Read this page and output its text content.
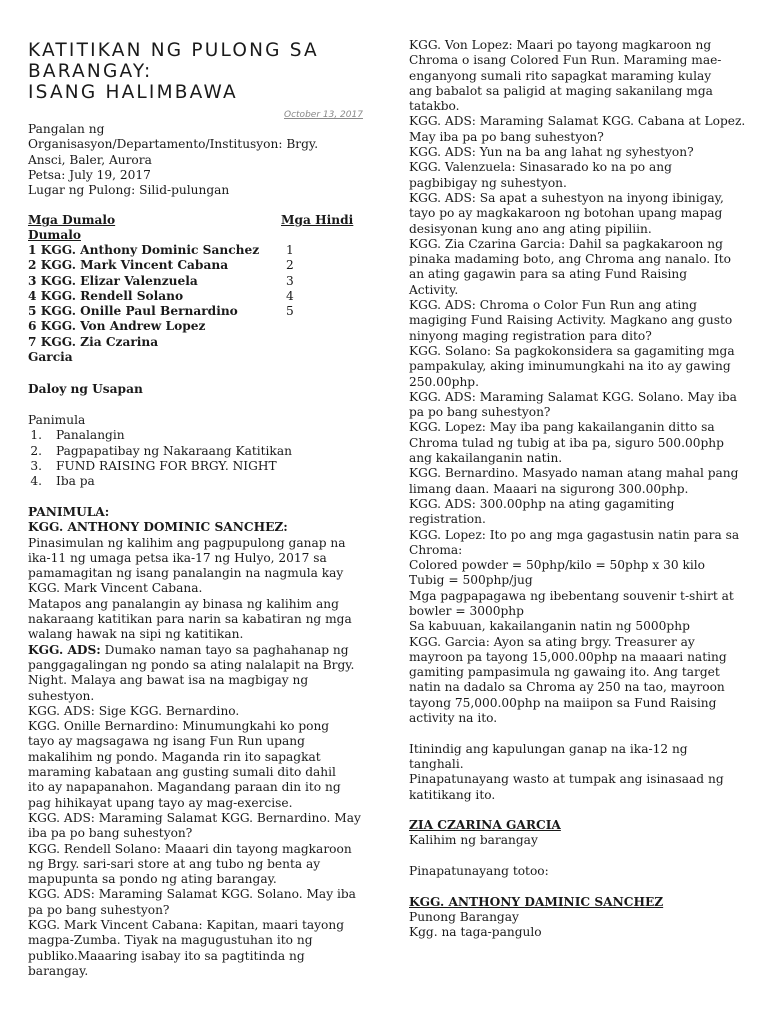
KATITIKAN NG PULONG SA
BARANGAY:
ISANG HALIMBAWA
October 13, 2017

Pangalan ng

Organisasyon/Departamento/Institusyon: Brgy.

Ansci, Baler, Aurora

Petsa: July 19, 2017

Lugar ng Pulong: Silid-pulungan

Mga Dumalo	Mga Hindi
Dumalo
1 KGG. Anthony Dominic Sanchez	1
2 KGG. Mark Vincent Cabana	2
3 KGG. Elizar Valenzuela	3
4 KGG. Rendell Solano	4
5 KGG. Onille Paul Bernardino	5
6 KGG. Von Andrew Lopez
7 KGG. Zia Czarina
Garcia
Daloy ng Usapan

Panimula

1. Panalangin
2. Pagpapatibay ng Nakaraang Katitikan
3. FUND RAISING FOR BRGY. NIGHT
4. Iba pa

PANIMULA:

KGG. ANTHONY DOMINIC SANCHEZ:

Pinasimulan ng kalihim ang pagpupulong ganap na

ika-11 ng umaga petsa ika-17 ng Hulyo, 2017 sa

pamamagitan ng isang panalangin na nagmula kay

KGG. Mark Vincent Cabana.

Matapos ang panalangin ay binasa ng kalihim ang

nakaraang katitikan para narin sa kabatiran ng mga

walang hawak na sipi ng katitikan.

KGG. ADS: Dumako naman tayo sa paghahanap ng

panggagalingan ng pondo sa ating nalalapit na Brgy.

Night. Malaya ang bawat isa na magbigay ng

suhestyon.

KGG. ADS: Sige KGG. Bernardino.

KGG. Onille Bernardino: Minumungkahi ko pong

tayo ay magsagawa ng isang Fun Run upang

makalihim ng pondo. Maganda rin ito sapagkat

maraming kabataan ang gusting sumali dito dahil

ito ay napapanahon. Magandang paraan din ito ng

pag hihikayat upang tayo ay mag-exercise.

KGG. ADS: Maraming Salamat KGG. Bernardino. May

iba pa po bang suhestyon?

KGG. Rendell Solano: Maaari din tayong magkaroon

ng Brgy. sari-sari store at ang tubo ng benta ay

mapupunta sa pondo ng ating barangay.

KGG. ADS: Maraming Salamat KGG. Solano. May iba

pa po bang suhestyon?

KGG. Mark Vincent Cabana: Kapitan, maari tayong

magpa-Zumba. Tiyak na magugustuhan ito ng

publiko.Maaaring isabay ito sa pagtitinda ng

barangay.

KGG. Von Lopez: Maari po tayong magkaroon ng

Chroma o isang Colored Fun Run. Maraming mae-

enganyong sumali rito sapagkat maraming kulay

ang babalot sa paligid at maging sakanilang mga

tatakbo.

KGG. ADS: Maraming Salamat KGG. Cabana at Lopez.

May iba pa po bang suhestyon?

KGG. ADS: Yun na ba ang lahat ng syhestyon?

KGG. Valenzuela: Sinasarado ko na po ang

pagbibigay ng suhestyon.

KGG. ADS: Sa apat a suhestyon na inyong ibinigay,

tayo po ay magkakaroon ng botohan upang mapag

desisyonan kung ano ang ating pipiliin.

KGG. Zia Czarina Garcia: Dahil sa pagkakaroon ng

pinaka madaming boto, ang Chroma ang nanalo. Ito

an ating gagawin para sa ating Fund Raising

Activity.

KGG. ADS: Chroma o Color Fun Run ang ating

magiging Fund Raising Activity. Magkano ang gusto

ninyong maging registration para dito?

KGG. Solano: Sa pagkokonsidera sa gagamiting mga

pampakulay, aking iminumungkahi na ito ay gawing

250.00php.

KGG. ADS: Maraming Salamat KGG. Solano. May iba

pa po bang suhestyon?

KGG. Lopez: May iba pang kakailanganin ditto sa

Chroma tulad ng tubig at iba pa, siguro 500.00php

ang kakailanganin natin.

KGG. Bernardino. Masyado naman atang mahal pang

limang daan. Maaari na sigurong 300.00php.

KGG. ADS: 300.00php na ating gagamiting

registration.

KGG. Lopez: Ito po ang mga gagastusin natin para sa

Chroma:

Colored powder = 50php/kilo = 50php x 30 kilo

Tubig = 500php/jug

Mga pagpapagawa ng ibebentang souvenir t-shirt at

bowler = 3000php

Sa kabuuan, kakailanganin natin ng 5000php

KGG. Garcia: Ayon sa ating brgy. Treasurer ay

mayroon pa tayong 15,000.00php na maaari nating

gamiting pampasimula ng gawaing ito. Ang target

natin na dadalo sa Chroma ay 250 na tao, mayroon

tayong 75,000.00php na maiipon sa Fund Raising

activity na ito.

Itinindig ang kapulungan ganap na ika-12 ng

tanghali.

Pinapatunayang wasto at tumpak ang isinasaad ng

katitikang ito.

ZIA CZARINA GARCIA

Kalihim ng barangay

Pinapatunayang totoo:

KGG. ANTHONY DAMINIC SANCHEZ

Punong Barangay

Kgg. na taga-pangulo
